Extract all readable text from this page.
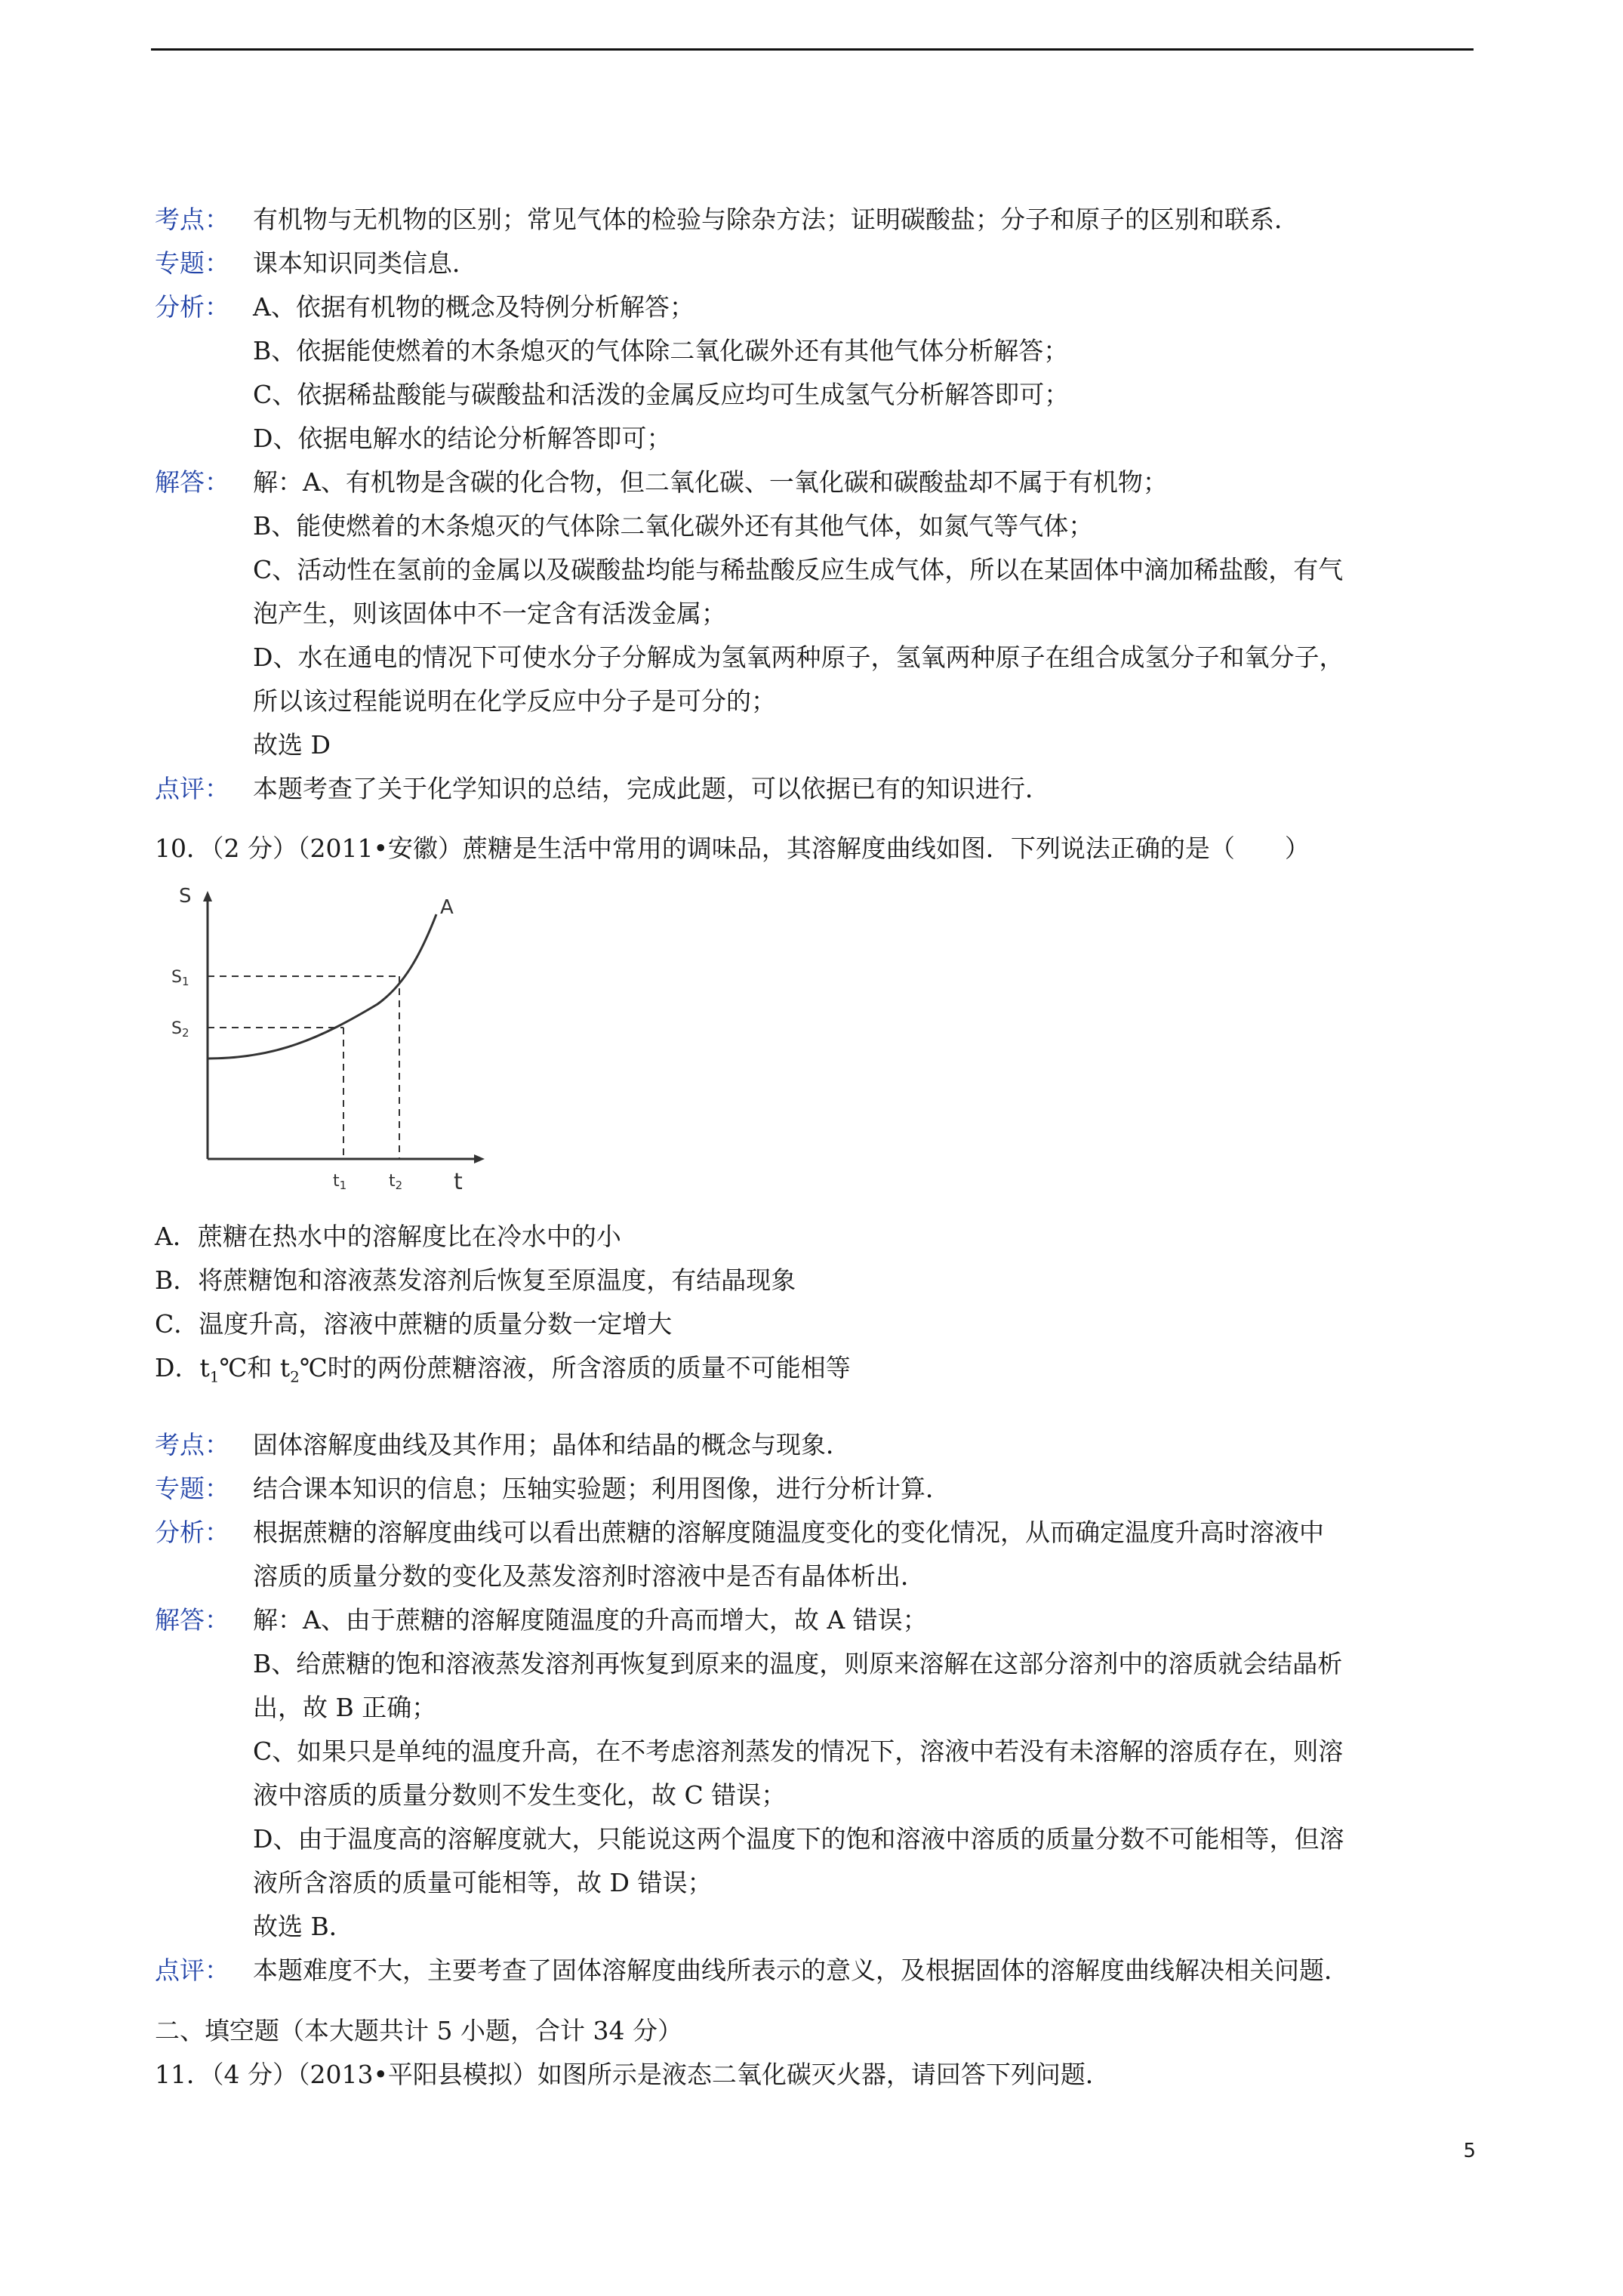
考点： 有机物与无机物的区别；常见气体的检验与除杂方法；证明碳酸盐；分子和原子的区别和联系．
专题： 课本知识同类信息．
分析： A、依据有机物的概念及特例分析解答；
B、依据能使燃着的木条熄灭的气体除二氧化碳外还有其他气体分析解答；
C、依据稀盐酸能与碳酸盐和活泼的金属反应均可生成氢气分析解答即可；
D、依据电解水的结论分析解答即可；
解答： 解：A、有机物是含碳的化合物，但二氧化碳、一氧化碳和碳酸盐却不属于有机物；
B、能使燃着的木条熄灭的气体除二氧化碳外还有其他气体，如氮气等气体；
C、活动性在氢前的金属以及碳酸盐均能与稀盐酸反应生成气体，所以在某固体中滴加稀盐酸，有气
泡产生，则该固体中不一定含有活泼金属；
D、水在通电的情况下可使水分子分解成为氢氧两种原子，氢氧两种原子在组合成氢分子和氧分子，
所以该过程能说明在化学反应中分子是可分的；
故选 D
点评： 本题考查了关于化学知识的总结，完成此题，可以依据已有的知识进行．
10．（2 分）（2011•安徽）蔗糖是生活中常用的调味品，其溶解度曲线如图．下列说法正确的是（　　）
S
t
A
S1
S2
t1	t2
A．蔗糖在热水中的溶解度比在冷水中的小
B．将蔗糖饱和溶液蒸发溶剂后恢复至原温度，有结晶现象
C．温度升高，溶液中蔗糖的质量分数一定增大
D．$t_1℃$和 $t_2℃$时的两份蔗糖溶液，所含溶质的质量不可能相等
考点： 固体溶解度曲线及其作用；晶体和结晶的概念与现象．
专题： 结合课本知识的信息；压轴实验题；利用图像，进行分析计算．
分析： 根据蔗糖的溶解度曲线可以看出蔗糖的溶解度随温度变化的变化情况，从而确定温度升高时溶液中
溶质的质量分数的变化及蒸发溶剂时溶液中是否有晶体析出．
解答： 解：A、由于蔗糖的溶解度随温度的升高而增大，故 A 错误；
B、给蔗糖的饱和溶液蒸发溶剂再恢复到原来的温度，则原来溶解在这部分溶剂中的溶质就会结晶析
出，故 B 正确；
C、如果只是单纯的温度升高，在不考虑溶剂蒸发的情况下，溶液中若没有未溶解的溶质存在，则溶
液中溶质的质量分数则不发生变化，故 C 错误；
D、由于温度高的溶解度就大，只能说这两个温度下的饱和溶液中溶质的质量分数不可能相等，但溶
液所含溶质的质量可能相等，故 D 错误；
故选 B．
点评： 本题难度不大，主要考查了固体溶解度曲线所表示的意义，及根据固体的溶解度曲线解决相关问题．
二、填空题（本大题共计 5 小题，合计 34 分）
11．（4 分）（2013•平阳县模拟）如图所示是液态二氧化碳灭火器，请回答下列问题．
5
